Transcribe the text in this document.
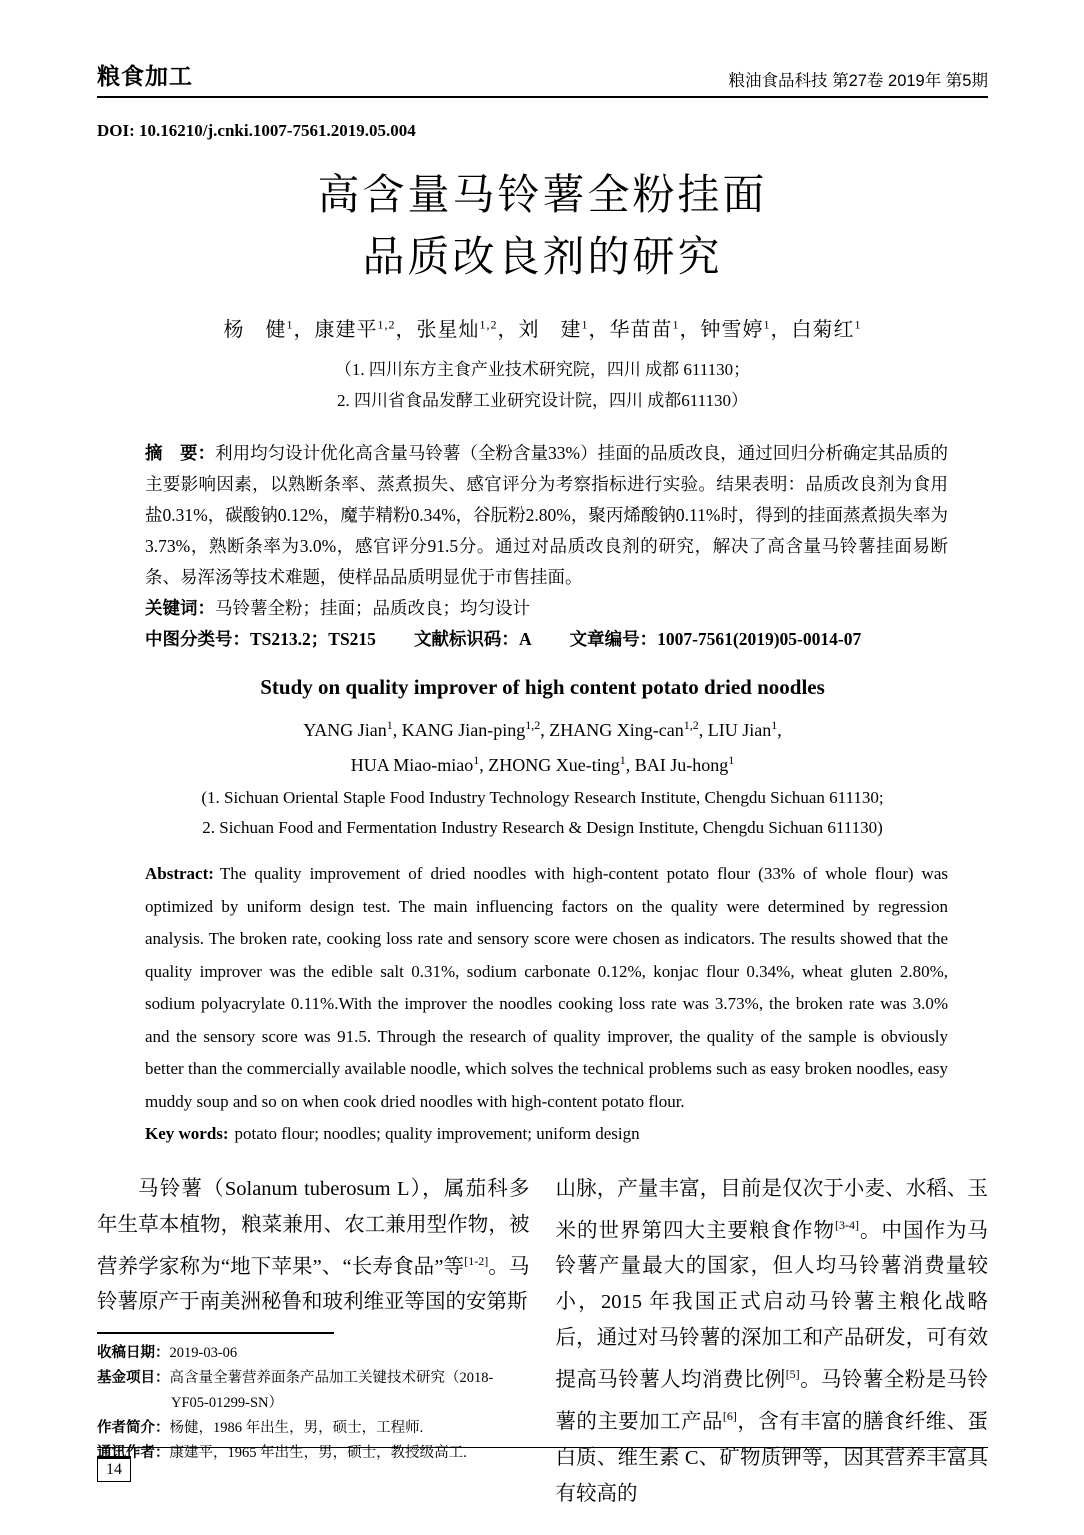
粮食加工	粮油食品科技 第27卷 2019年 第5期
DOI: 10.16210/j.cnki.1007-7561.2019.05.004
高含量马铃薯全粉挂面
品质改良剂的研究
杨　健$^1$，康建平$^{1,2}$，张星灿$^{1,2}$，刘　建$^1$，华苗苗$^1$，钟雪婷$^1$，白菊红$^1$
（1. 四川东方主食产业技术研究院，四川 成都 611130；
2. 四川省食品发酵工业研究设计院，四川 成都611130）

摘　要：利用均匀设计优化高含量马铃薯（全粉含量33%）挂面的品质改良，通过回归分析确定其品质的主要影响因素，以熟断条率、蒸煮损失、感官评分为考察指标进行实验。结果表明：品质改良剂为食用盐0.31%，碳酸钠0.12%，魔芋精粉0.34%，谷朊粉2.80%，聚丙烯酸钠0.11%时，得到的挂面蒸煮损失率为3.73%，熟断条率为3.0%，感官评分91.5分。通过对品质改良剂的研究，解决了高含量马铃薯挂面易断条、易浑汤等技术难题，使样品品质明显优于市售挂面。

关键词：马铃薯全粉；挂面；品质改良；均匀设计

中图分类号：TS213.2；TS215 文献标识码：A 文章编号：1007-7561(2019)05-0014-07

Study on quality improver of high content potato dried noodles
YANG Jian$^1$, KANG Jian-ping$^{1,2}$, ZHANG Xing-can$^{1,2}$, LIU Jian$^1$,
HUA Miao-miao$^1$, ZHONG Xue-ting$^1$, BAI Ju-hong$^1$
(1. Sichuan Oriental Staple Food Industry Technology Research Institute, Chengdu Sichuan 611130;
2. Sichuan Food and Fermentation Industry Research & Design Institute, Chengdu Sichuan 611130)

Abstract: The quality improvement of dried noodles with high-content potato flour (33% of whole flour) was optimized by uniform design test. The main influencing factors on the quality were determined by regression analysis. The broken rate, cooking loss rate and sensory score were chosen as indicators. The results showed that the quality improver was the edible salt 0.31%, sodium carbonate 0.12%, konjac flour 0.34%, wheat gluten 2.80%, sodium polyacrylate 0.11%.With the improver the noodles cooking loss rate was 3.73%, the broken rate was 3.0% and the sensory score was 91.5. Through the research of quality improver, the quality of the sample is obviously better than the commercially available noodle, which solves the technical problems such as easy broken noodles, easy muddy soup and so on when cook dried noodles with high-content potato flour.

Key words: potato flour; noodles; quality improvement; uniform design

马铃薯（Solanum tuberosum L），属茄科多年生草本植物，粮菜兼用、农工兼用型作物，被营养学家称为“地下苹果”、“长寿食品”等[1-2]。马铃薯原产于南美洲秘鲁和玻利维亚等国的安第斯

收稿日期：2019-03-06
基金项目：高含量全薯营养面条产品加工关键技术研究（2018-YF05-01299-SN）
作者简介：杨健，1986 年出生，男，硕士，工程师.
通讯作者：康建平，1965 年出生，男，硕士，教授级高工.

山脉，产量丰富，目前是仅次于小麦、水稻、玉米的世界第四大主要粮食作物[3-4]。中国作为马铃薯产量最大的国家，但人均马铃薯消费量较小，2015 年我国正式启动马铃薯主粮化战略后，通过对马铃薯的深加工和产品研发，可有效提高马铃薯人均消费比例[5]。马铃薯全粉是马铃薯的主要加工产品[6]，含有丰富的膳食纤维、蛋白质、维生素 C、矿物质钾等，因其营养丰富具有较高的

14
